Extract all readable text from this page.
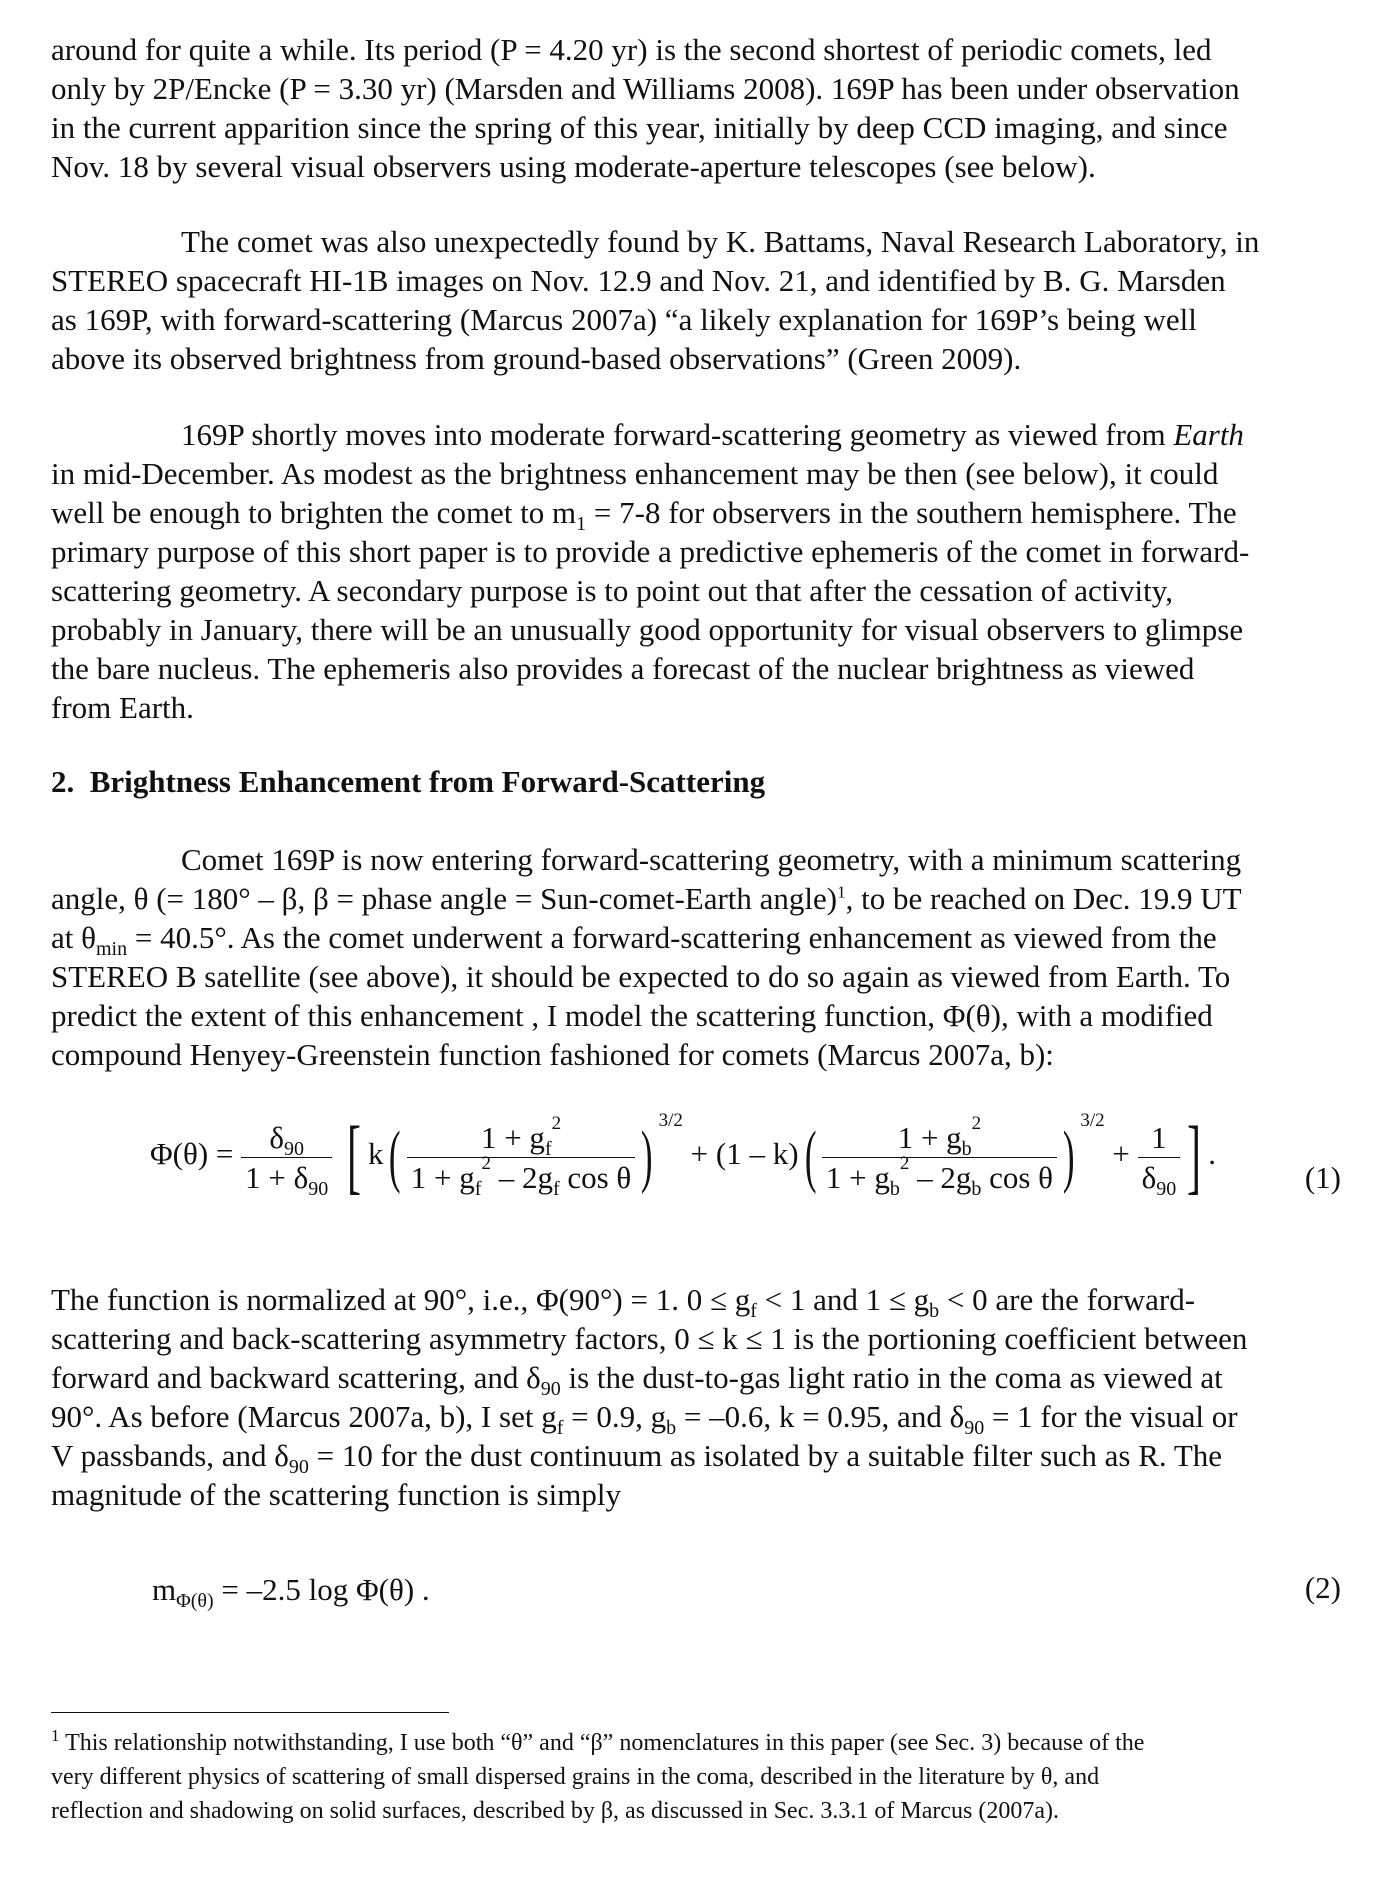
around for quite a while. Its period (P = 4.20 yr) is the second shortest of periodic comets, led
only by 2P/Encke (P = 3.30 yr) (Marsden and Williams 2008). 169P has been under observation
in the current apparition since the spring of this year, initially by deep CCD imaging, and since
Nov. 18 by several visual observers using moderate-aperture telescopes (see below).

The comet was also unexpectedly found by K. Battams, Naval Research Laboratory, in
STEREO spacecraft HI-1B images on Nov. 12.9 and Nov. 21, and identified by B. G. Marsden
as 169P, with forward-scattering (Marcus 2007a) “a likely explanation for 169P’s being well
above its observed brightness from ground-based observations” (Green 2009).

169P shortly moves into moderate forward-scattering geometry as viewed from Earth
in mid-December. As modest as the brightness enhancement may be then (see below), it could
well be enough to brighten the comet to $m_1 = 7-8$ for observers in the southern hemisphere. The
primary purpose of this short paper is to provide a predictive ephemeris of the comet in forward-
scattering geometry. A secondary purpose is to point out that after the cessation of activity,
probably in January, there will be an unusually good opportunity for visual observers to glimpse
the bare nucleus. The ephemeris also provides a forecast of the nuclear brightness as viewed
from Earth.

2. Brightness Enhancement from Forward-Scattering

Comet 169P is now entering forward-scattering geometry, with a minimum scattering
angle, θ (= 180° – β, β = phase angle = Sun-comet-Earth angle)$^1$, to be reached on Dec. 19.9 UT
at $\theta_{min} = 40.5^\circ$. As the comet underwent a forward-scattering enhancement as viewed from the
STEREO B satellite (see above), it should be expected to do so again as viewed from Earth. To
predict the extent of this enhancement , I model the scattering function, Φ(θ), with a modified
compound Henyey-Greenstein function fashioned for comets (Marcus 2007a, b):

$\Phi(\theta) = \frac{\delta_{90}}{1 + \delta_{90}}$ [ $k( \frac{1 + g_f^2}{1 + g_f^2 - 2g_f \cos \theta}$ ) $^{3/2} + (1 - k)( \frac{1 + g_b^2}{1 + g_b^2 - 2g_b \cos \theta}$ ) $^{3/2} + \frac{1}{\delta_{90}}$ ] .
(1)

The function is normalized at 90°, i.e., Φ(90°) = 1. $0 \le g_f < 1$ and $1 \le g_b < 0$ are the forward-
scattering and back-scattering asymmetry factors, 0 ≤ k ≤ 1 is the portioning coefficient between
forward and backward scattering, and $\delta_{90}$ is the dust-to-gas light ratio in the coma as viewed at
90°. As before (Marcus 2007a, b), I set $g_f = 0.9$, $g_b = -0.6$, k = 0.95, and $\delta_{90} = 1$ for the visual or
V passbands, and $\delta_{90} = 10$ for the dust continuum as isolated by a suitable filter such as R. The
magnitude of the scattering function is simply

$m_{\Phi(\theta)} = -2.5$ log Φ(θ) .	(2)

$^1$ This relationship notwithstanding, I use both “θ” and “β” nomenclatures in this paper (see Sec. 3) because of the
very different physics of scattering of small dispersed grains in the coma, described in the literature by θ, and
reflection and shadowing on solid surfaces, described by β, as discussed in Sec. 3.3.1 of Marcus (2007a).
